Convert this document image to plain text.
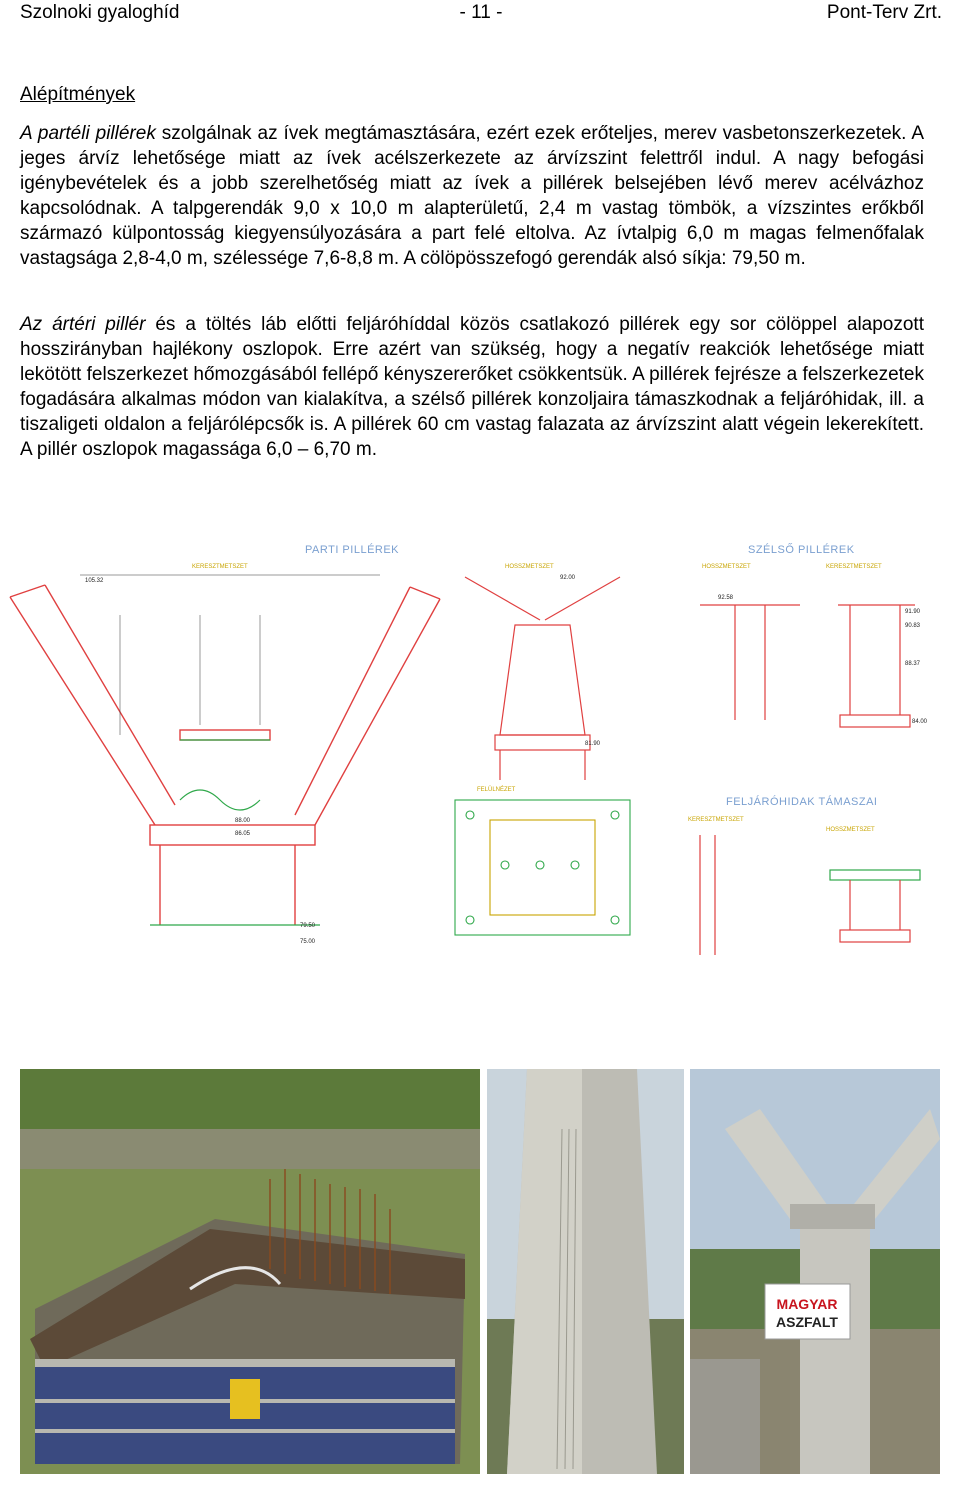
Szolnoki gyaloghíd	- 11 -	Pont-Terv Zrt.
Alépítmények

A partéli pillérek szolgálnak az ívek megtámasztására, ezért ezek erőteljes, merev vasbetonszerkezetek. A jeges árvíz lehetősége miatt az ívek acélszerkezete az árvízszint felettről indul. A nagy befogási igénybevételek és a jobb szerelhetőség miatt az ívek a pillérek belsejében lévő merev acélvázhoz kapcsolódnak. A talpgerendák 9,0 x 10,0 m alapterületű, 2,4 m vastag tömbök, a vízszintes erőkből származó külpontosság kiegyensúlyozására a part felé eltolva. Az ívtalpig 6,0 m magas felmenőfalak vastagsága 2,8-4,0 m, szélessége 7,6-8,8 m. A cölöpösszefogó gerendák alsó síkja: 79,50 m.

Az ártéri pillér és a töltés láb előtti feljáróhíddal közös csatlakozó pillérek egy sor cölöppel alapozott hosszirányban hajlékony oszlopok. Erre azért van szükség, hogy a negatív reakciók lehetősége miatt lekötött felszerkezet hőmozgásából fellépő kényszererőket csökkentsük. A pillérek fejrésze a felszerkezetek fogadására alkalmas módon van kialakítva, a szélső pillérek konzoljaira támaszkodnak a feljáróhidak, ill. a tiszaligeti oldalon a feljárólépcsők is. A pillérek 60 cm vastag falazata az árvízszint alatt végein lekerekített. A pillér oszlopok magassága 6,0 – 6,70 m.

PARTI PILLÉREK	SZÉLSŐ PILLÉREK
FELJÁRÓHIDAK TÁMASZAI
KERESZTMETSZET	HOSSZMETSZET	HOSSZMETSZET	KERESZTMETSZET
FELÜLNÉZET
KERESZTMETSZET
HOSSZMETSZET
105.32
88.00
86.05
79.50
75.00
81.90
92.58
91.90
90.83
88.37
84.00
92.00
MAGYAR
ASZFALT
